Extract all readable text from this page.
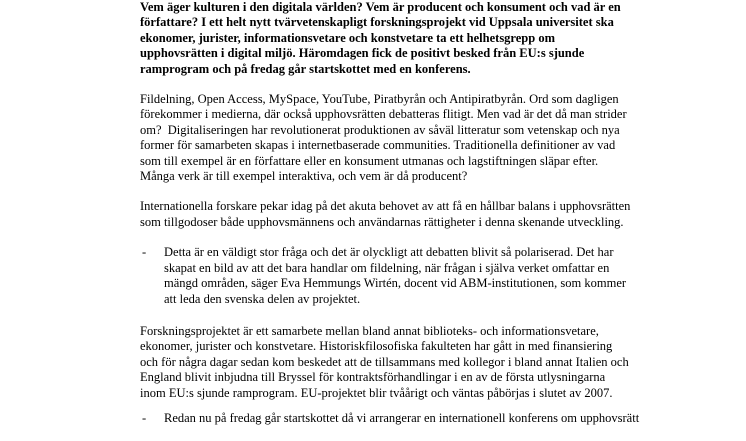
Vem äger kulturen i den digitala världen? Vem är producent och konsument och vad är en
författare? I ett helt nytt tvärvetenskapligt forskningsprojekt vid Uppsala universitet ska
ekonomer, jurister, informationsvetare och konstvetare ta ett helhetsgrepp om
upphovsrätten i digital miljö. Häromdagen fick de positivt besked från EU:s sjunde
ramprogram och på fredag går startskottet med en konferens.
Fildelning, Open Access, MySpace, YouTube, Piratbyrån och Antipiratbyrån. Ord som dagligen
förekommer i medierna, där också upphovsrätten debatteras flitigt. Men vad är det då man strider
om?  Digitaliseringen har revolutionerat produktionen av såväl litteratur som vetenskap och nya
former för samarbeten skapas i internetbaserade communities. Traditionella definitioner av vad
som till exempel är en författare eller en konsument utmanas och lagstiftningen släpar efter.
Många verk är till exempel interaktiva, och vem är då producent?
Internationella forskare pekar idag på det akuta behovet av att få en hållbar balans i upphovsrätten
som tillgodoser både upphovsmännens och användarnas rättigheter i denna skenande utveckling.
- Detta är en väldigt stor fråga och det är olyckligt att debatten blivit så polariserad. Det har
skapat en bild av att det bara handlar om fildelning, när frågan i själva verket omfattar en
mängd områden, säger Eva Hemmungs Wirtén, docent vid ABM-institutionen, som kommer
att leda den svenska delen av projektet.
Forskningsprojektet är ett samarbete mellan bland annat biblioteks- och informationsvetare,
ekonomer, jurister och konstvetare. Historiskfilosofiska fakulteten har gått in med finansiering
och för några dagar sedan kom beskedet att de tillsammans med kollegor i bland annat Italien och
England blivit inbjudna till Bryssel för kontraktsförhandlingar i en av de första utlysningarna
inom EU:s sjunde ramprogram. EU-projektet blir tvåårigt och väntas påbörjas i slutet av 2007.
- Redan nu på fredag går startskottet då vi arrangerar en internationell konferens om upphovsrätt
